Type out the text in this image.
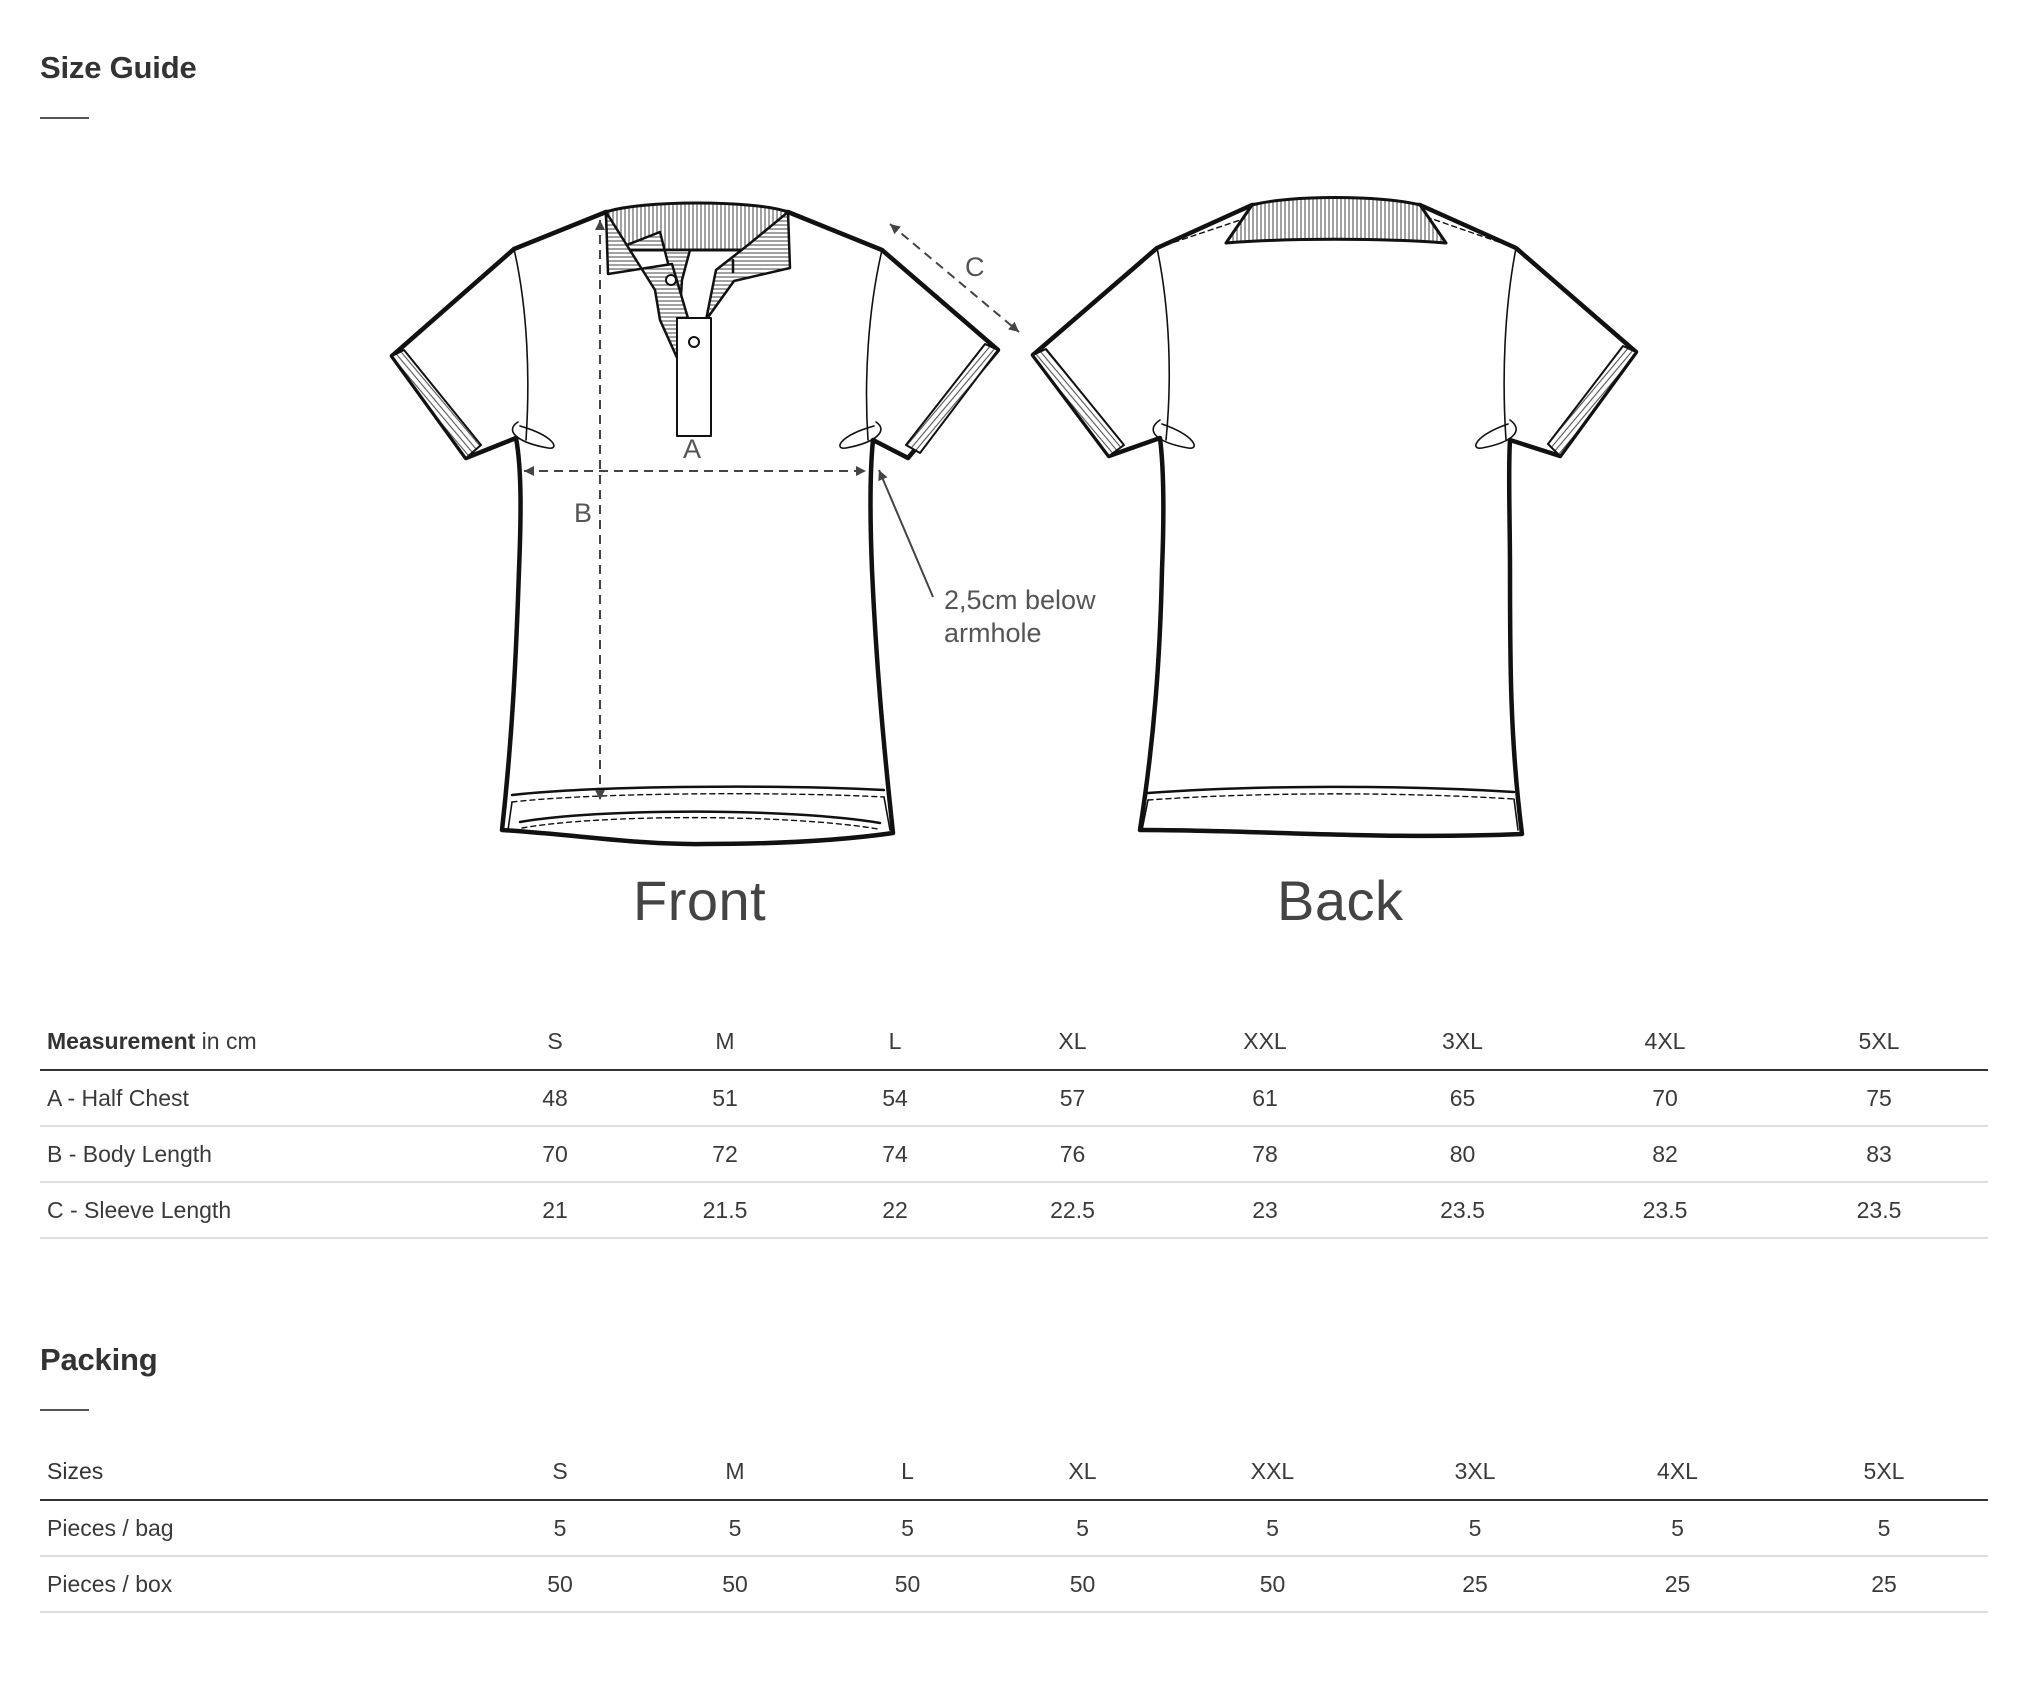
Size Guide
A
B
C
2,5cm below
armhole
Front	Back
Measurement in cm	S	M	L	XL	XXL	3XL	4XL	5XL
A - Half Chest	48	51	54	57	61	65	70	75
B - Body Length	70	72	74	76	78	80	82	83
C - Sleeve Length	21	21.5	22	22.5	23	23.5	23.5	23.5
Packing
Sizes	S	M	L	XL	XXL	3XL	4XL	5XL
Pieces / bag	5	5	5	5	5	5	5	5
Pieces / box	50	50	50	50	50	25	25	25
